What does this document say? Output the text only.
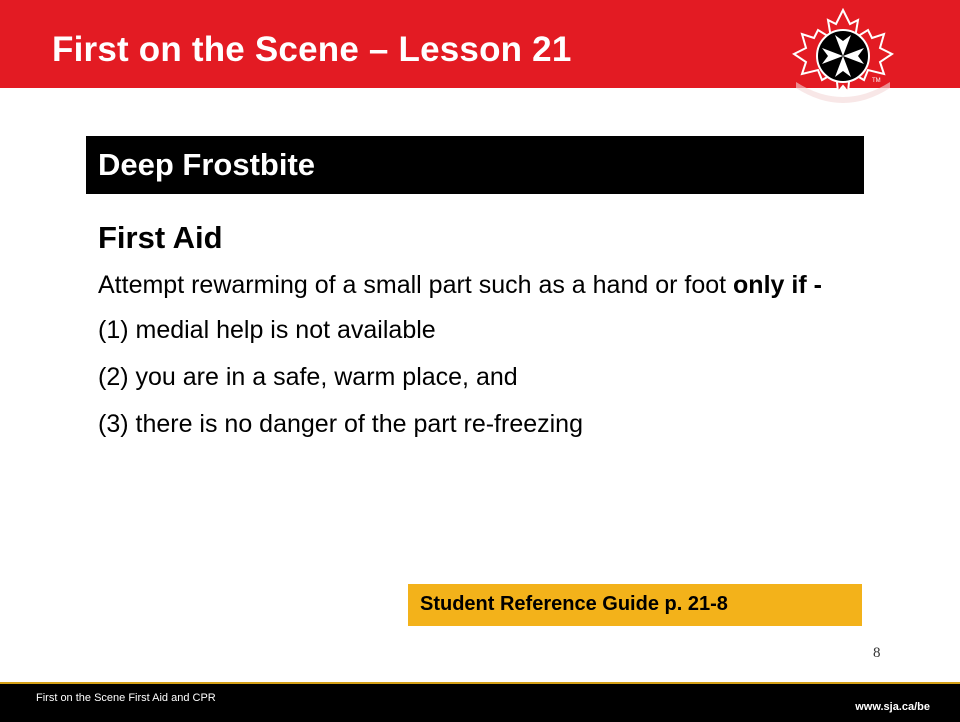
First on the Scene – Lesson 21
TM
Deep Frostbite
First Aid

Attempt rewarming of a small part such as a hand or foot only if -

(1) medial help is not available
(2) you are in a safe, warm place, and
(3) there is no danger of the part re-freezing
Student Reference Guide p. 21-8
8
First on the Scene First Aid and CPR
www.sja.ca/be
